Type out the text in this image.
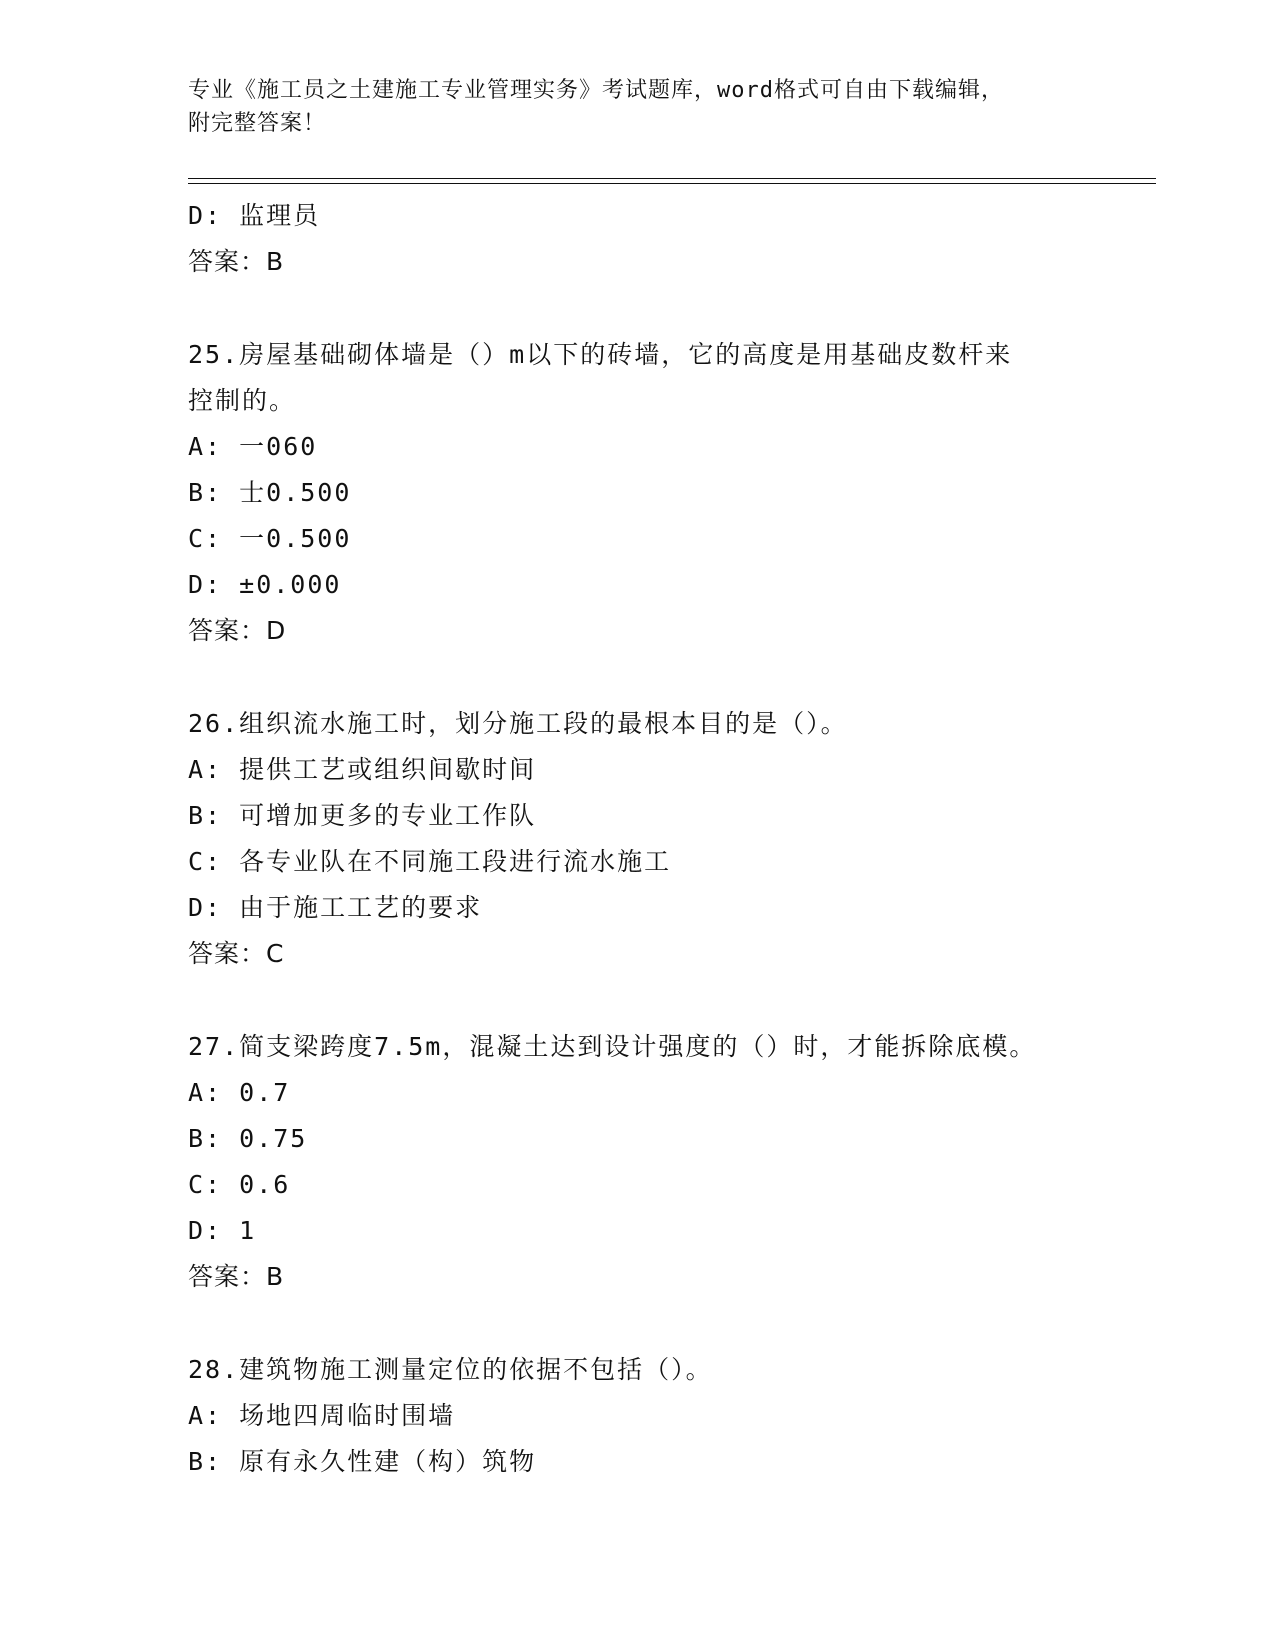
专业《施工员之土建施工专业管理实务》考试题库，word格式可自由下载编辑，
附完整答案！
D: 监理员
答案：B
25.房屋基础砌体墙是（）m以下的砖墙，它的高度是用基础皮数杆来
控制的。
A: 一060
B: 士0.500
C: 一0.500
D: ±0.000
答案：D
26.组织流水施工时，划分施工段的最根本目的是（）。
A: 提供工艺或组织间歇时间
B: 可增加更多的专业工作队
C: 各专业队在不同施工段进行流水施工
D: 由于施工工艺的要求
答案：C
27.简支梁跨度7.5m，混凝土达到设计强度的（）时，才能拆除底模。
A: 0.7
B: 0.75
C: 0.6
D: 1
答案：B
28.建筑物施工测量定位的依据不包括（）。
A: 场地四周临时围墙
B: 原有永久性建（构）筑物
